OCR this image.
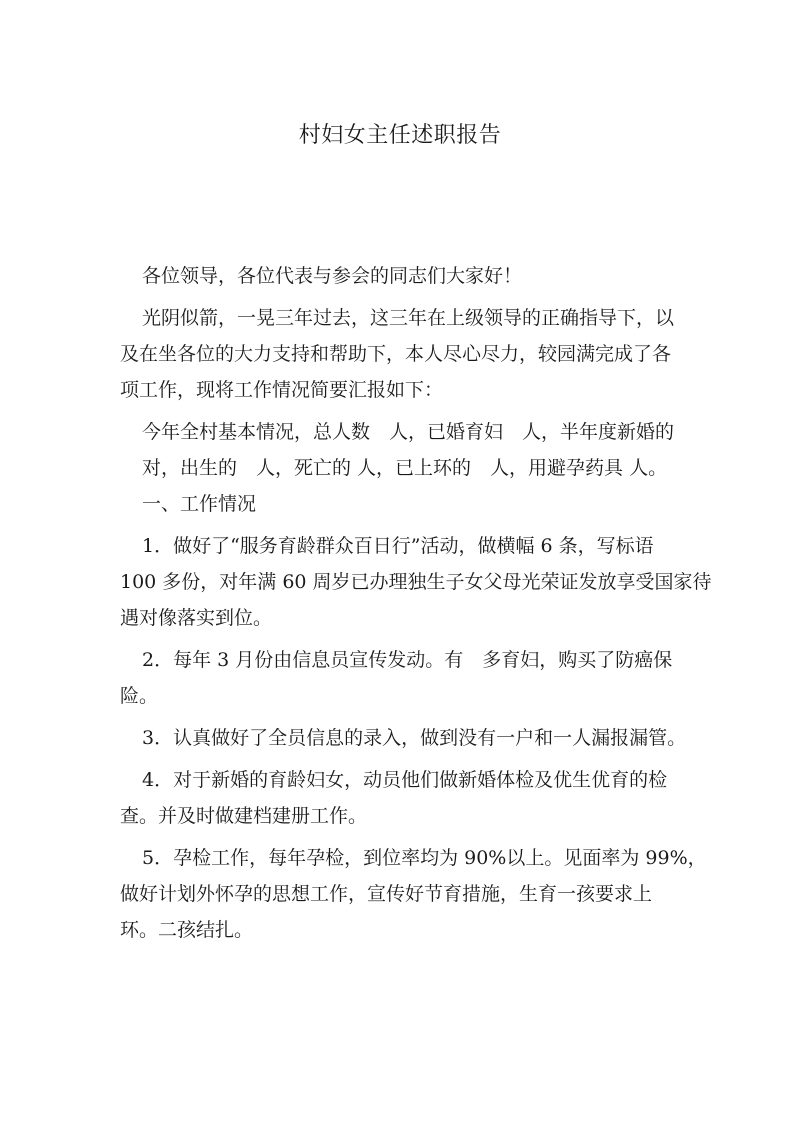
村妇女主任述职报告
各位领导，各位代表与参会的同志们大家好！
光阴似箭，一晃三年过去，这三年在上级领导的正确指导下，以
及在坐各位的大力支持和帮助下，本人尽心尽力，较园满完成了各
项工作，现将工作情况简要汇报如下：
今年全村基本情况，总人数　人，已婚育妇　人，半年度新婚的
对，出生的　人，死亡的 人，已上环的　人，用避孕药具 人。
一、工作情况
1．做好了“服务育龄群众百日行”活动，做横幅 6 条，写标语
100 多份，对年满 60 周岁已办理独生子女父母光荣证发放享受国家待
遇对像落实到位。
2．每年 3 月份由信息员宣传发动。有　多育妇，购买了防癌保
险。
3．认真做好了全员信息的录入，做到没有一户和一人漏报漏管。
4．对于新婚的育龄妇女，动员他们做新婚体检及优生优育的检
查。并及时做建档建册工作。
5．孕检工作，每年孕检，到位率均为 90%以上。见面率为 99%，
做好计划外怀孕的思想工作，宣传好节育措施，生育一孩要求上
环。二孩结扎。
